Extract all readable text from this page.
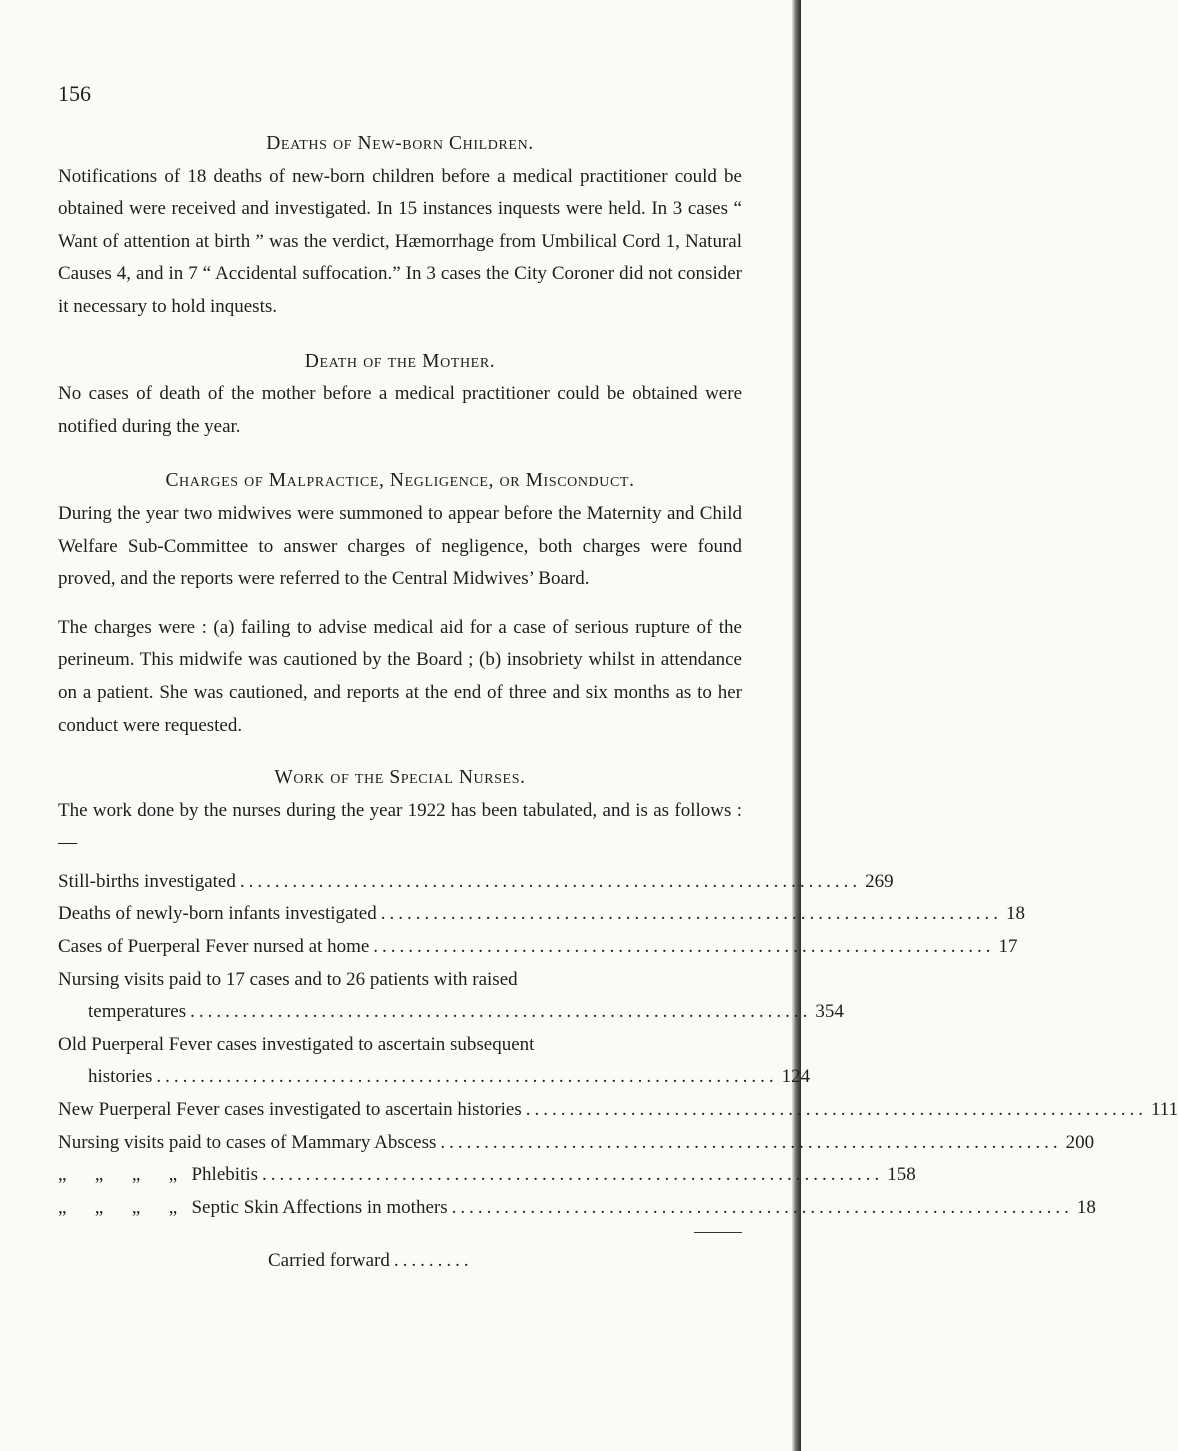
156
Deaths of New-born Children.

Notifications of 18 deaths of new-born children before a medical practitioner could be obtained were received and investigated. In 15 instances inquests were held. In 3 cases “ Want of attention at birth ” was the verdict, Hæmorrhage from Umbilical Cord 1, Natural Causes 4, and in 7 “ Accidental suffocation.” In 3 cases the City Coroner did not consider it necessary to hold inquests.

Death of the Mother.

No cases of death of the mother before a medical practitioner could be obtained were notified during the year.

Charges of Malpractice, Negligence, or Misconduct.

During the year two midwives were summoned to appear before the Maternity and Child Welfare Sub-Committee to answer charges of negligence, both charges were found proved, and the reports were referred to the Central Midwives’ Board.

The charges were : (a) failing to advise medical aid for a case of serious rupture of the perineum. This midwife was cautioned by the Board ; (b) insobriety whilst in attendance on a patient. She was cautioned, and reports at the end of three and six months as to her conduct were requested.

Work of the Special Nurses.

The work done by the nurses during the year 1922 has been tabulated, and is as follows :—

Still-births investigated ....................................................................... 269
Deaths of newly-born infants investigated ....................................................................... 18
Cases of Puerperal Fever nursed at home ....................................................................... 17
Nursing visits paid to 17 cases and to 26 patients with raised
temperatures ....................................................................... 354
Old Puerperal Fever cases investigated to ascertain subsequent
histories ....................................................................... 124
New Puerperal Fever cases investigated to ascertain histories ....................................................................... 111
Nursing visits paid to cases of Mammary Abscess ....................................................................... 200
„      „      „      „   Phlebitis ....................................................................... 158
„      „      „      „   Septic Skin Affections in mothers ....................................................................... 18
Carried forward .........
